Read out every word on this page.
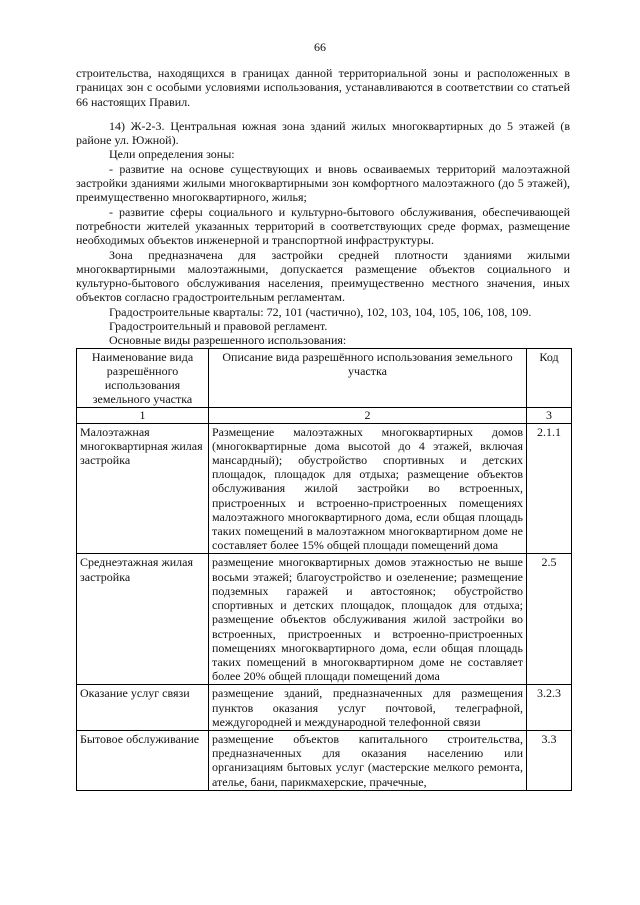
66

строительства, находящихся в границах данной территориальной зоны и расположенных в границах зон с особыми условиями использования, устанавливаются в соответствии со статьей 66 настоящих Правил.

14) Ж-2-3. Центральная южная зона зданий жилых многоквартирных до 5 этажей (в районе ул. Южной).

Цели определения зоны:

- развитие на основе существующих и вновь осваиваемых территорий малоэтажной застройки зданиями жилыми многоквартирными зон комфортного малоэтажного (до 5 этажей), преимущественно многоквартирного, жилья;

- развитие сферы социального и культурно-бытового обслуживания, обеспечивающей потребности жителей указанных территорий в соответствующих среде формах, размещение необходимых объектов инженерной и транспортной инфраструктуры.

Зона предназначена для застройки средней плотности зданиями жилыми многоквартирными малоэтажными, допускается размещение объектов социального и культурно-бытового обслуживания населения, преимущественно местного значения, иных объектов согласно градостроительным регламентам.

Градостроительные кварталы: 72, 101 (частично), 102, 103, 104, 105, 106, 108, 109.

Градостроительный и правовой регламент.

Основные виды разрешенного использования:

Наименование вида разрешённого использования земельного участка	Описание вида разрешённого использования земельного участка	Код
1	2	3
Малоэтажная многоквартирная жилая застройка	Размещение малоэтажных многоквартирных домов (многоквартирные дома высотой до 4 этажей, включая мансардный); обустройство спортивных и детских площадок, площадок для отдыха; размещение объектов обслуживания жилой застройки во встроенных, пристроенных и встроенно-пристроенных помещениях малоэтажного многоквартирного дома, если общая площадь таких помещений в малоэтажном многоквартирном доме не составляет более 15% общей площади помещений дома	2.1.1
Среднеэтажная жилая застройка	размещение многоквартирных домов этажностью не выше восьми этажей; благоустройство и озеленение; размещение подземных гаражей и автостоянок; обустройство спортивных и детских площадок, площадок для отдыха; размещение объектов обслуживания жилой застройки во встроенных, пристроенных и встроенно-пристроенных помещениях многоквартирного дома, если общая площадь таких помещений в многоквартирном доме не составляет более 20% общей площади помещений дома	2.5
Оказание услуг связи	размещение зданий, предназначенных для размещения пунктов оказания услуг почтовой, телеграфной, междугородней и международной телефонной связи	3.2.3
Бытовое обслуживание	размещение объектов капитального строительства, предназначенных для оказания населению или организациям бытовых услуг (мастерские мелкого ремонта, ателье, бани, парикмахерские, прачечные,	3.3
